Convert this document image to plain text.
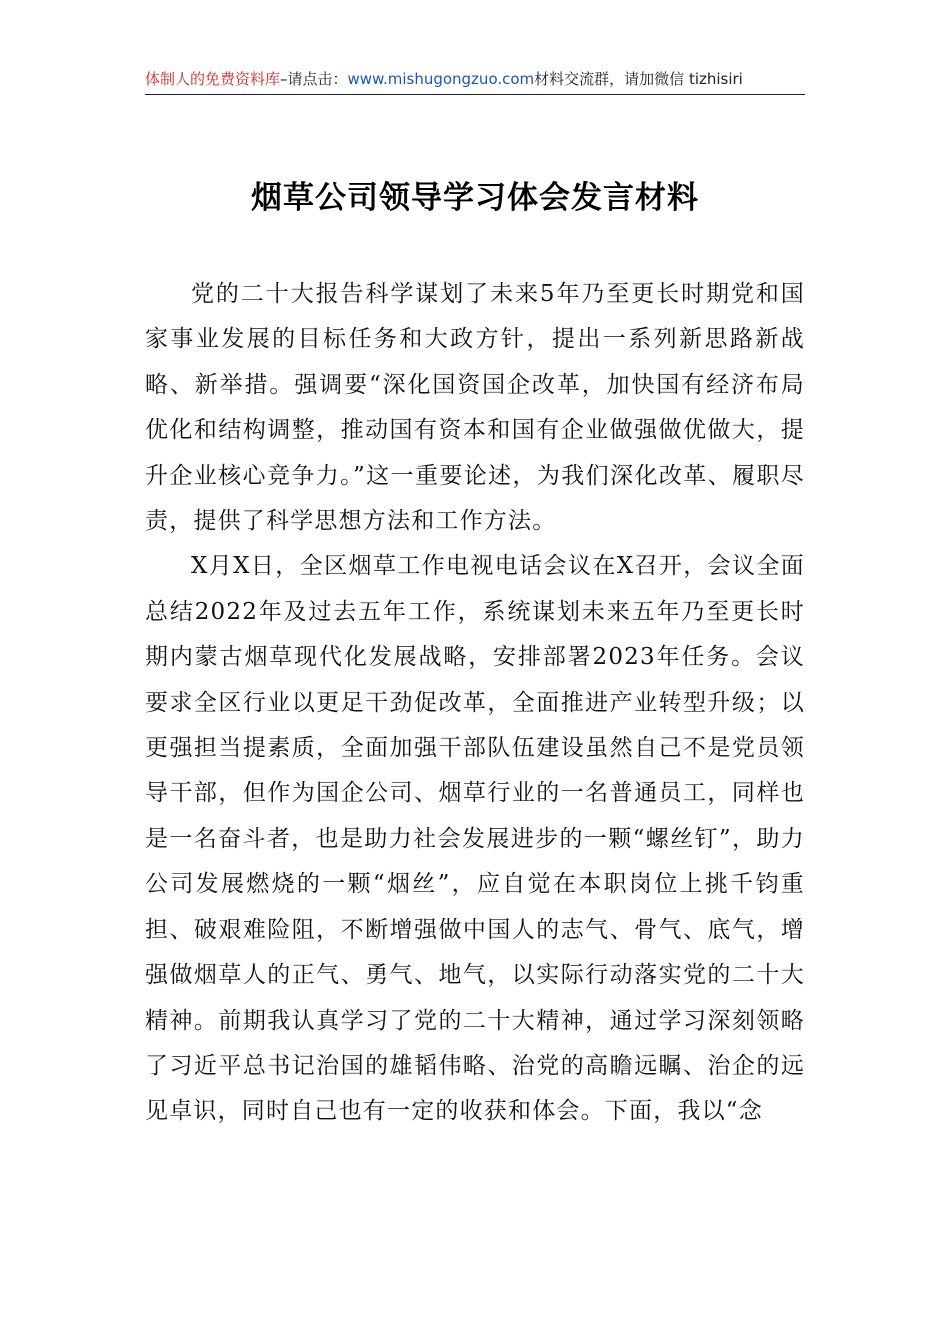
体制人的免费资料库–请点击：www.mishugongzuo.com材料交流群，请加微信 tizhisiri
烟草公司领导学习体会发言材料

党的二十大报告科学谋划了未来5年乃至更长时期党和国家事业发展的目标任务和大政方针，提出一系列新思路新战略、新举措。强调要“深化国资国企改革，加快国有经济布局优化和结构调整，推动国有资本和国有企业做强做优做大，提升企业核心竞争力。”这一重要论述，为我们深化改革、履职尽责，提供了科学思想方法和工作方法。

X月X日，全区烟草工作电视电话会议在X召开，会议全面总结2022年及过去五年工作，系统谋划未来五年乃至更长时期内蒙古烟草现代化发展战略，安排部署2023年任务。会议要求全区行业以更足干劲促改革，全面推进产业转型升级；以更强担当提素质，全面加强干部队伍建设虽然自己不是党员领导干部，但作为国企公司、烟草行业的一名普通员工，同样也是一名奋斗者，也是助力社会发展进步的一颗“螺丝钉”，助力公司发展燃烧的一颗“烟丝”，应自觉在本职岗位上挑千钧重担、破艰难险阻，不断增强做中国人的志气、骨气、底气，增强做烟草人的正气、勇气、地气，以实际行动落实党的二十大精神。前期我认真学习了党的二十大精神，通过学习深刻领略了习近平总书记治国的雄韬伟略、治党的高瞻远瞩、治企的远见卓识，同时自己也有一定的收获和体会。下面，我以“念
